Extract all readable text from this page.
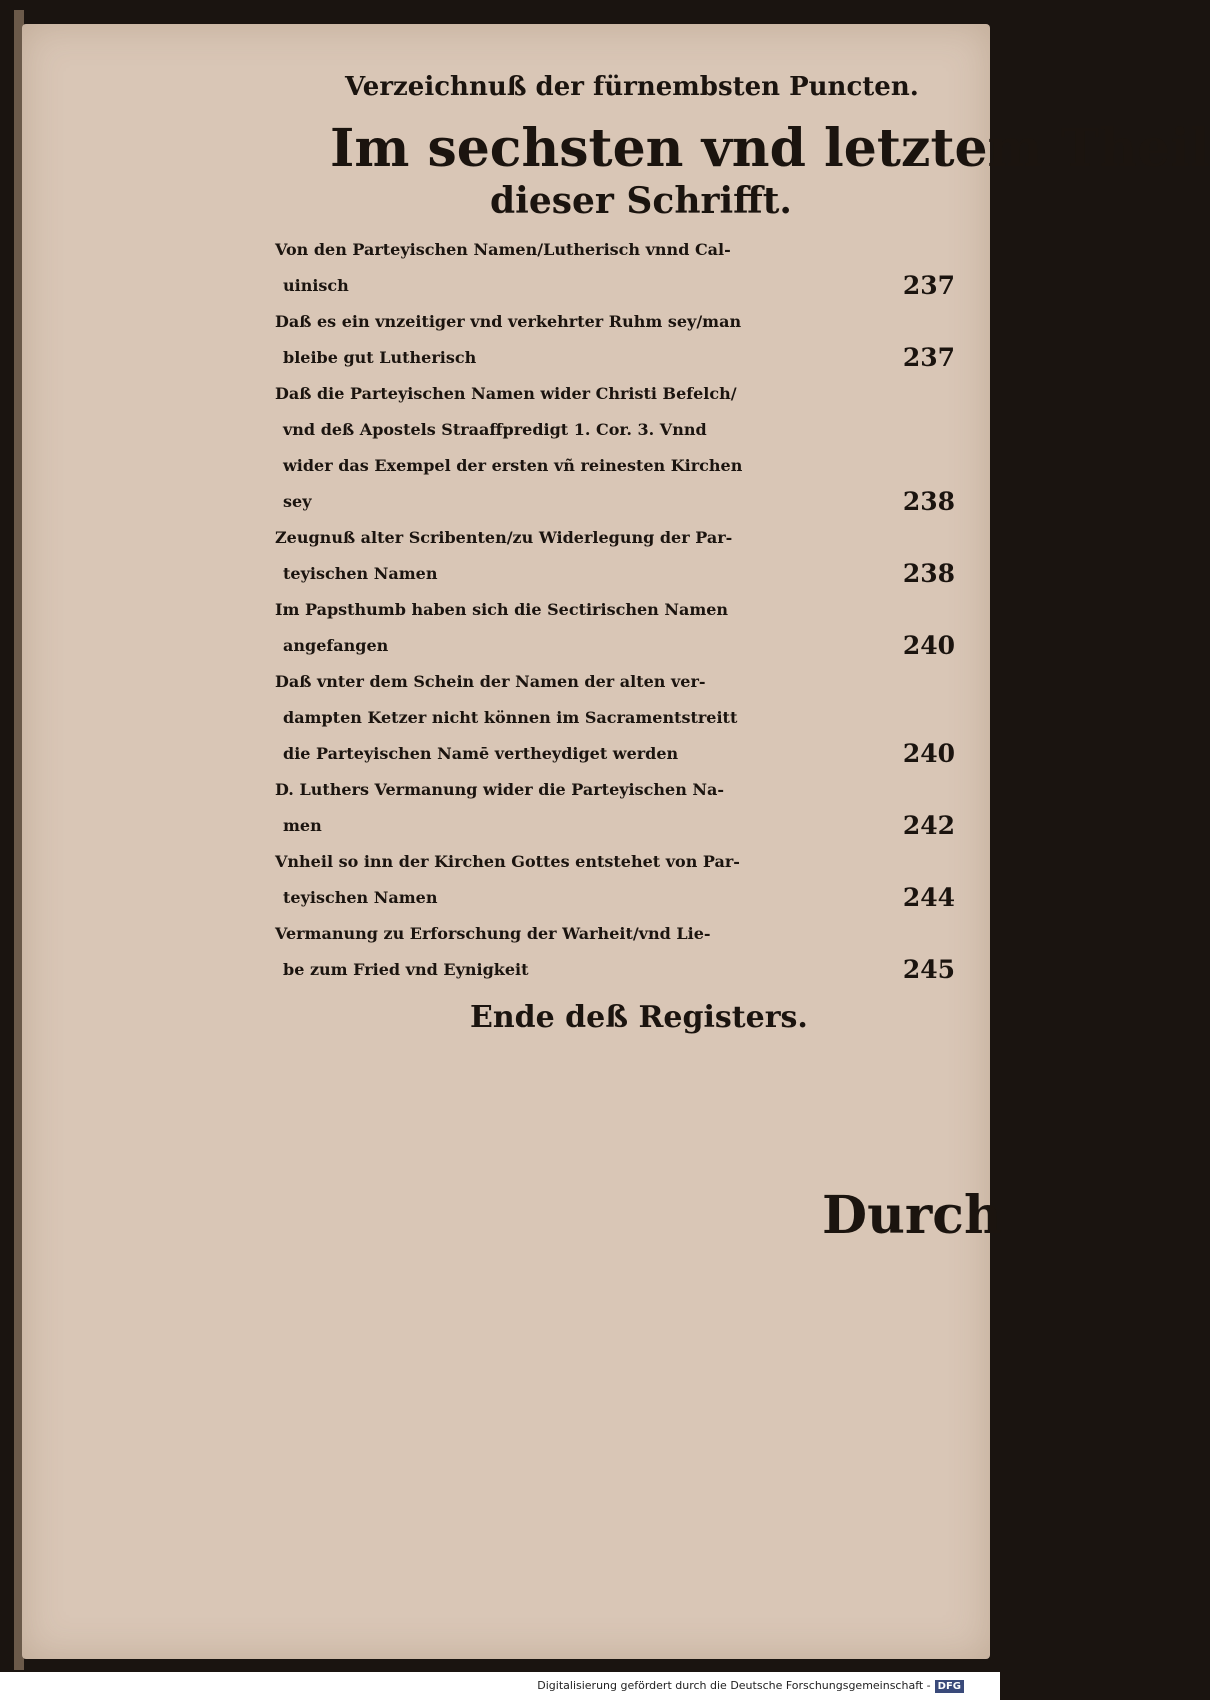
Verzeichnuß der fürnembsten Puncten.
Im sechsten vnd letztem Theil
dieser Schrifft.
Von den Parteyischen Namen/Lutherisch vnnd Cal-
uinisch	237
Daß es ein vnzeitiger vnd verkehrter Ruhm sey/man
bleibe gut Lutherisch	237
Daß die Parteyischen Namen wider Christi Befelch/
vnd deß Apostels Straaffpredigt 1. Cor. 3. Vnnd
wider das Exempel der ersten vñ reinesten Kirchen
sey	238
Zeugnuß alter Scribenten/zu Widerlegung der Par-
teyischen Namen	238
Im Papsthumb haben sich die Sectirischen Namen
angefangen	240
Daß vnter dem Schein der Namen der alten ver-
dampten Ketzer nicht können im Sacramentstreitt
die Parteyischen Namē vertheydiget werden	240
D. Luthers Vermanung wider die Parteyischen Na-
men	242
Vnheil so inn der Kirchen Gottes entstehet von Par-
teyischen Namen	244
Vermanung zu Erforschung der Warheit/vnd Lie-
be zum Fried vnd Eynigkeit	245
Ende deß Registers.
Durch
Digitalisierung gefördert durch die Deutsche Forschungsgemeinschaft - DFG
